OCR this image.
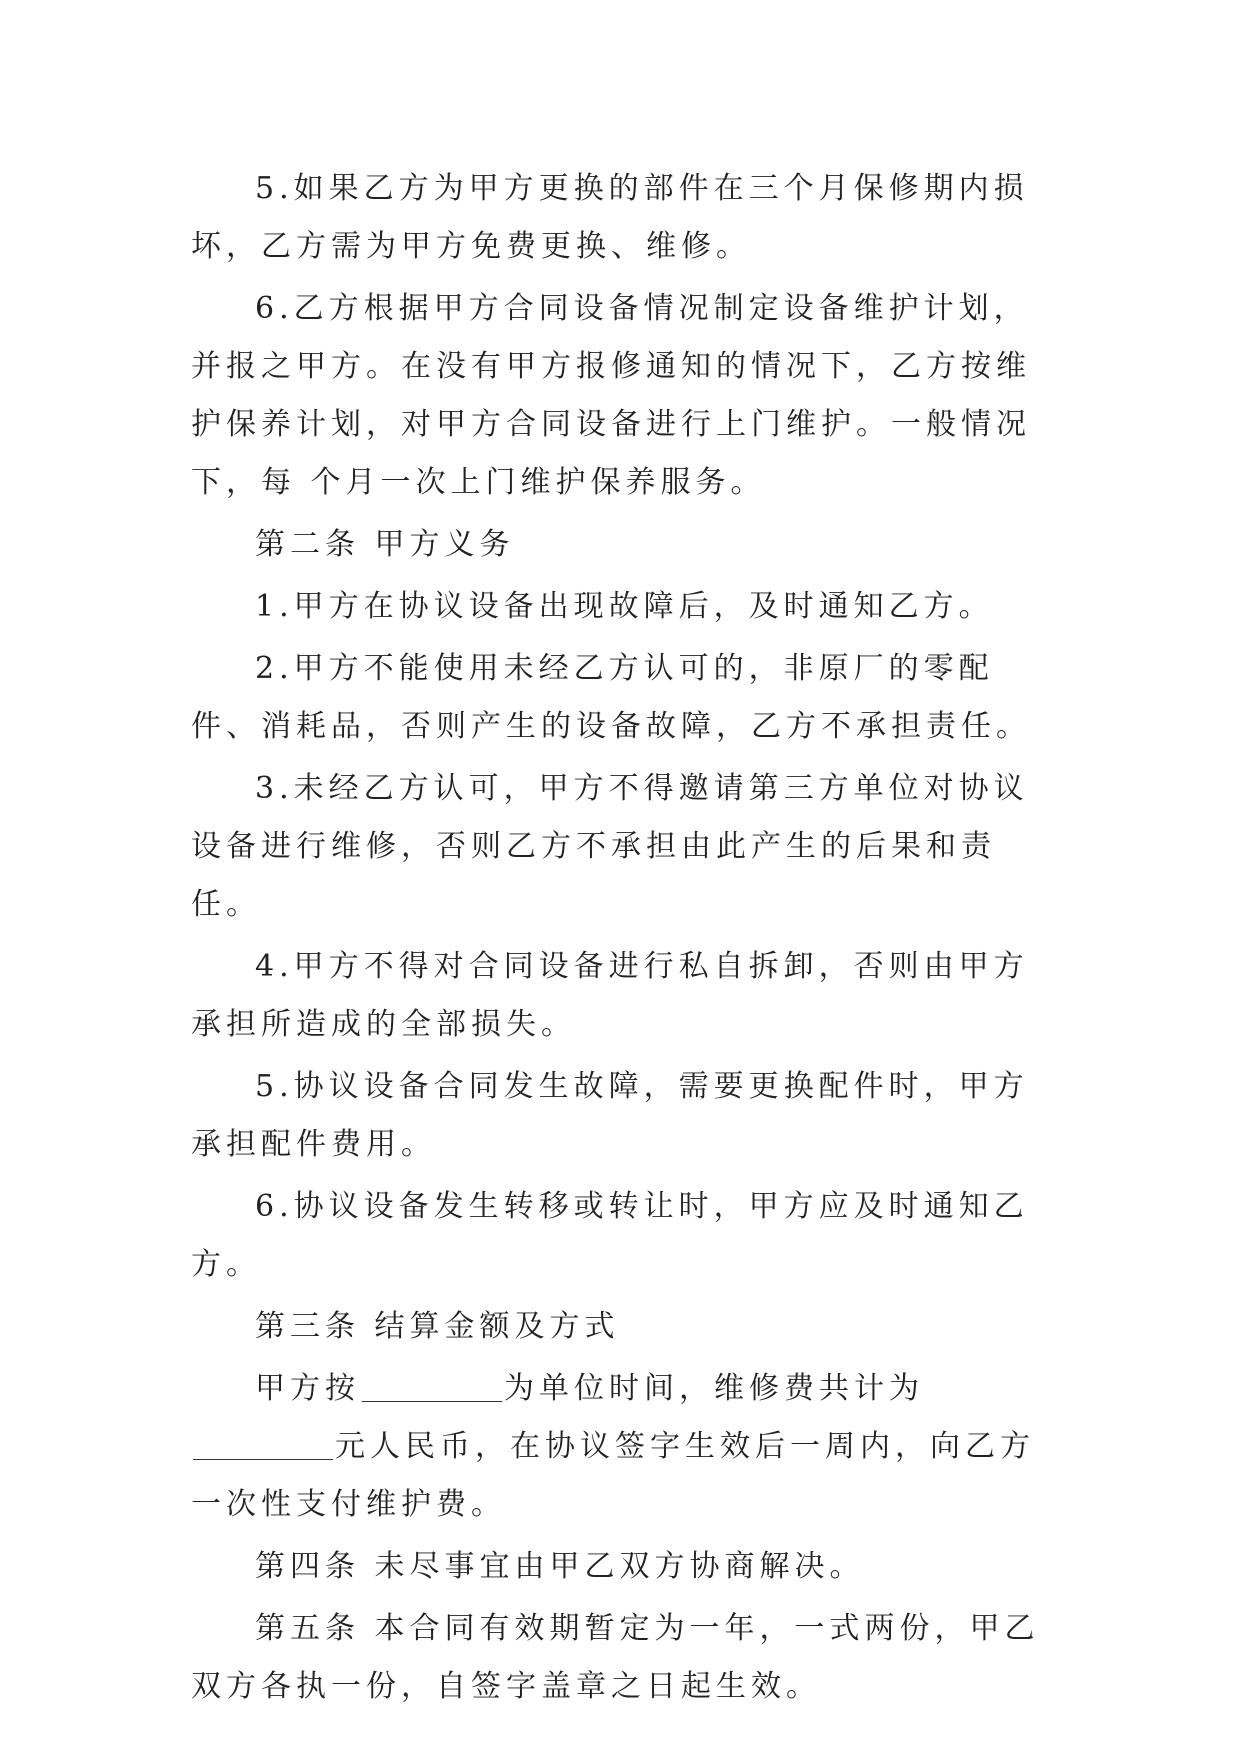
5.如果乙方为甲方更换的部件在三个月保修期内损坏，乙方需为甲方免费更换、维修。

6.乙方根据甲方合同设备情况制定设备维护计划，并报之甲方。在没有甲方报修通知的情况下，乙方按维护保养计划，对甲方合同设备进行上门维护。一般情况下，每 个月一次上门维护保养服务。

第二条 甲方义务

1.甲方在协议设备出现故障后，及时通知乙方。

2.甲方不能使用未经乙方认可的，非原厂的零配件、消耗品，否则产生的设备故障，乙方不承担责任。

3.未经乙方认可，甲方不得邀请第三方单位对协议设备进行维修，否则乙方不承担由此产生的后果和责任。

4.甲方不得对合同设备进行私自拆卸，否则由甲方承担所造成的全部损失。

5.协议设备合同发生故障，需要更换配件时，甲方承担配件费用。

6.协议设备发生转移或转让时，甲方应及时通知乙方。

第三条 结算金额及方式

甲方按	为单位时间，维修费共计为元人民币，在协议签字生效后一周内，向乙方一次性支付维护费。

第四条 未尽事宜由甲乙双方协商解决。

第五条 本合同有效期暂定为一年，一式两份，甲乙双方各执一份，自签字盖章之日起生效。
